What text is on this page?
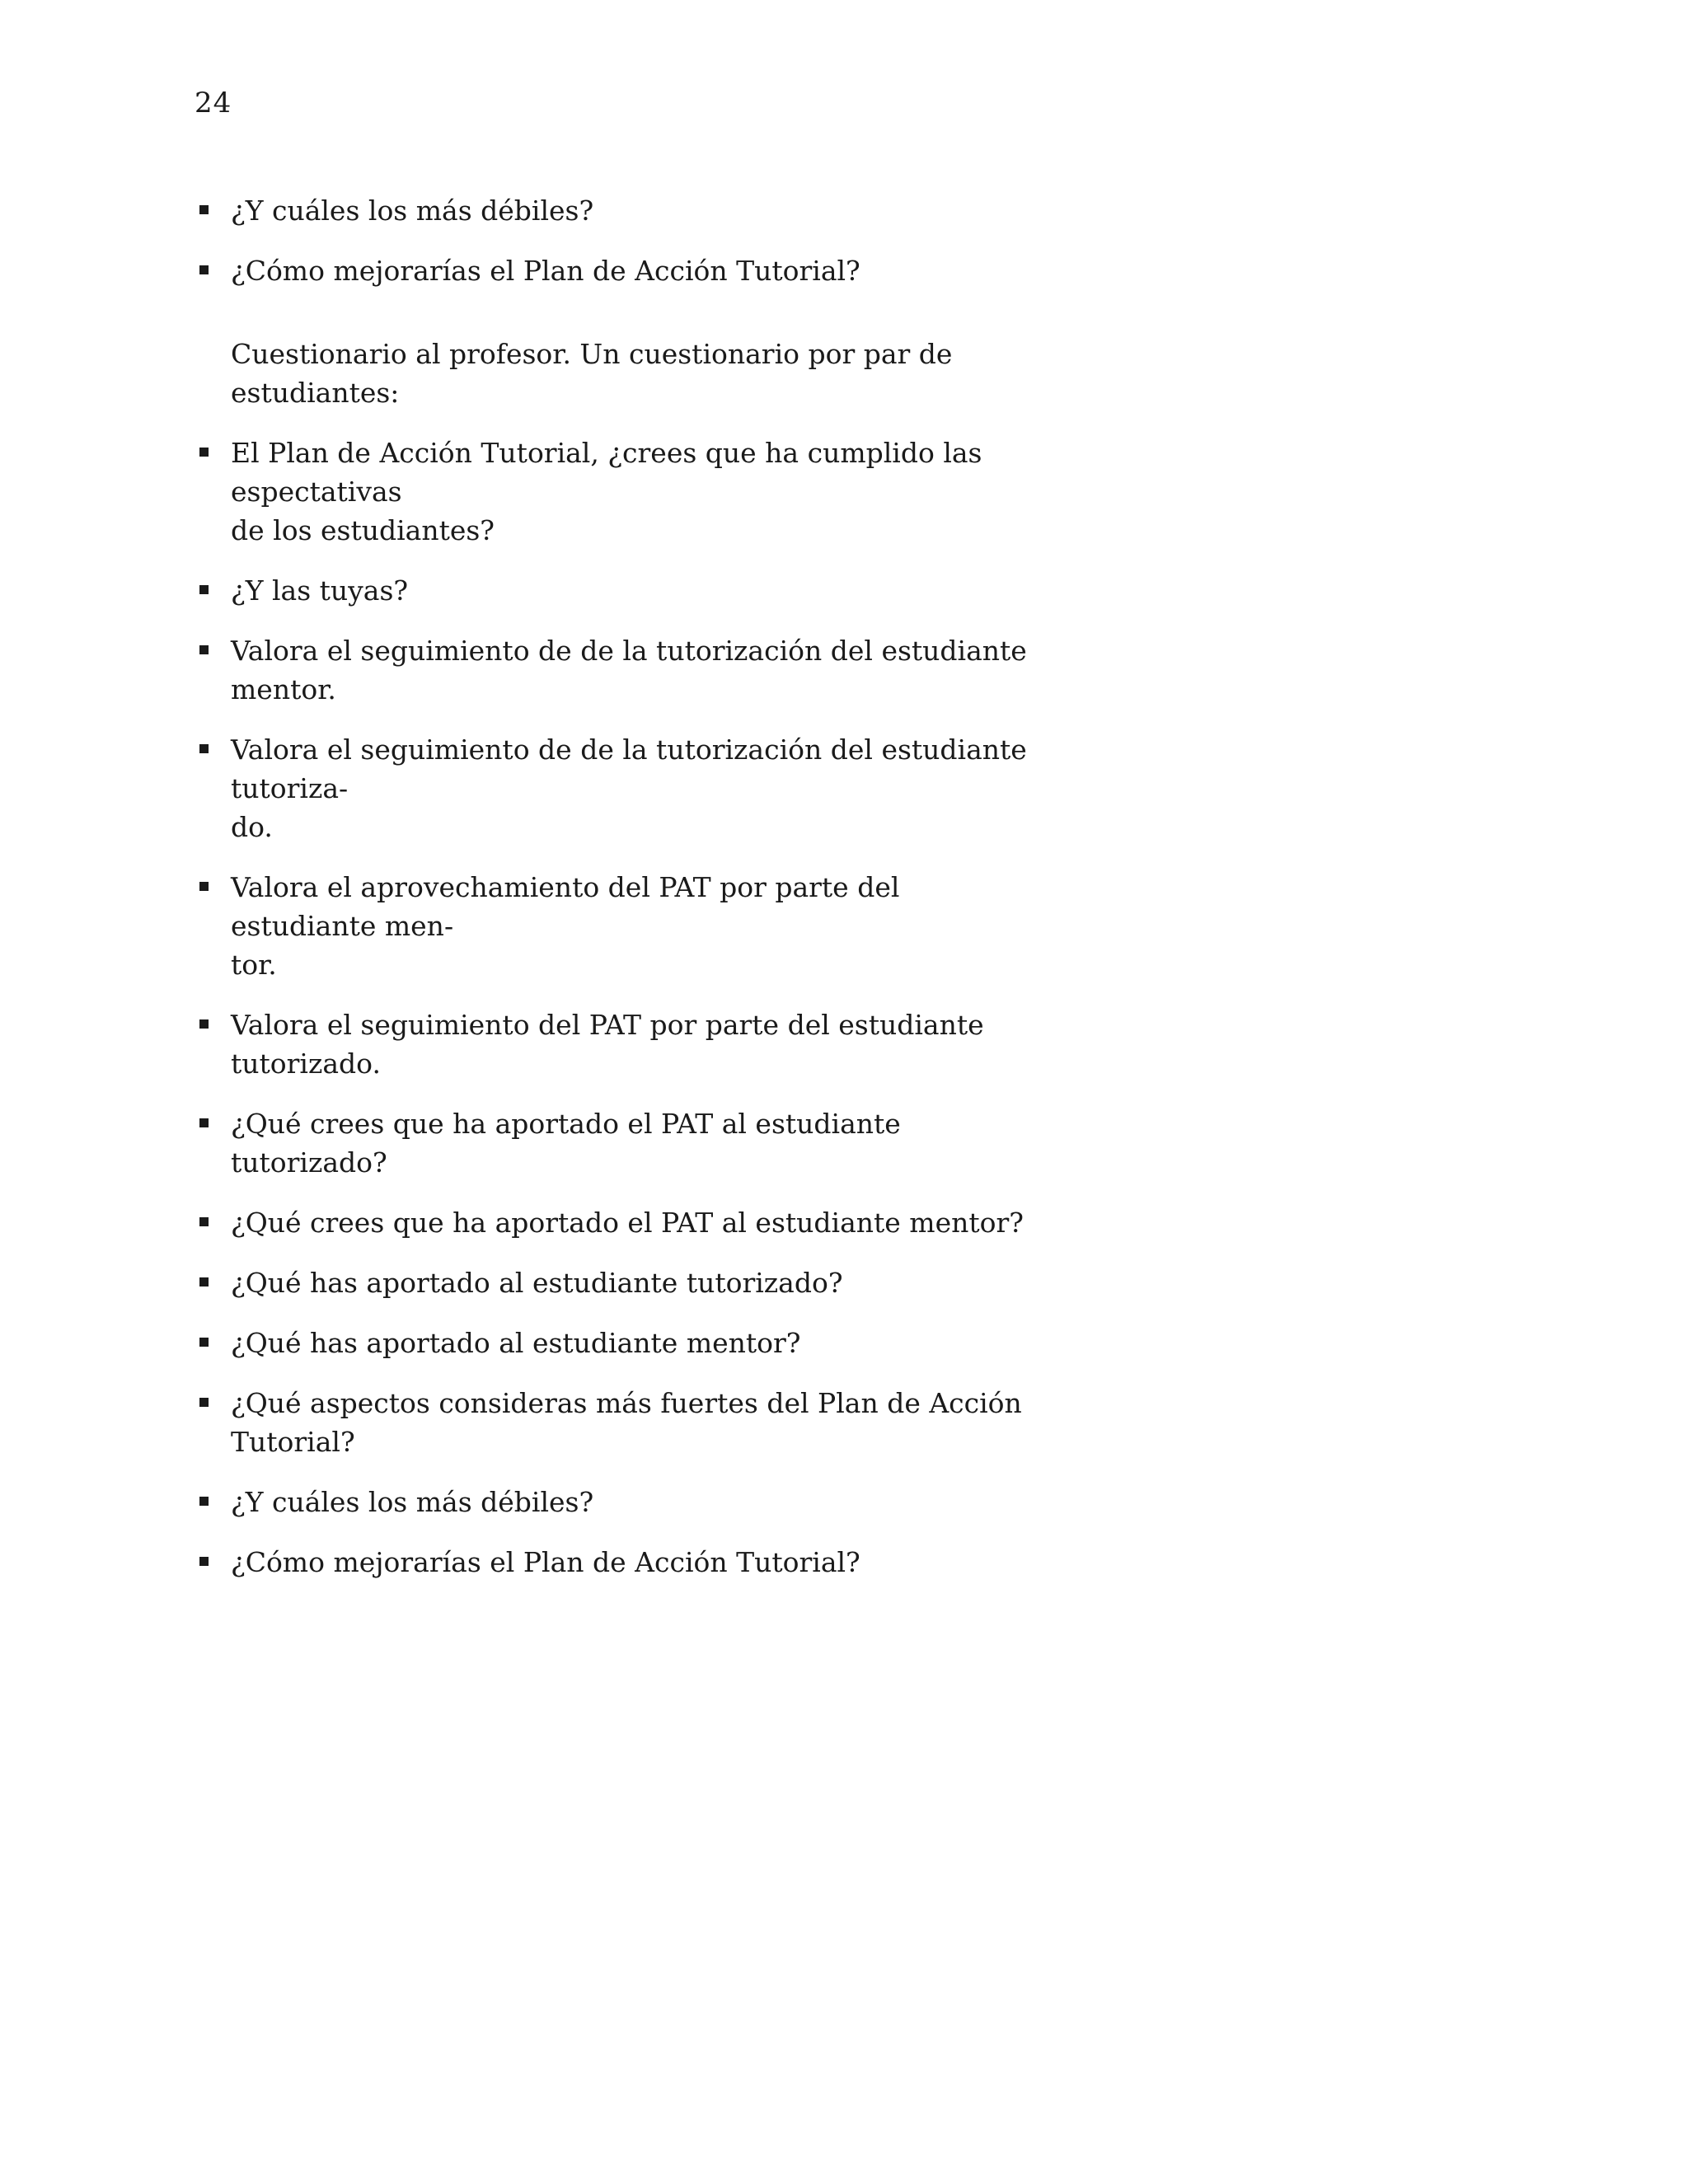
24
¿Y cuáles los más débiles?
¿Cómo mejorarías el Plan de Acción Tutorial?

Cuestionario al profesor. Un cuestionario por par de estudiantes:

El Plan de Acción Tutorial, ¿crees que ha cumplido las espectativas
de los estudiantes?
¿Y las tuyas?
Valora el seguimiento de de la tutorización del estudiante mentor.
Valora el seguimiento de de la tutorización del estudiante tutoriza-
do.
Valora el aprovechamiento del PAT por parte del estudiante men-
tor.
Valora el seguimiento del PAT por parte del estudiante tutorizado.
¿Qué crees que ha aportado el PAT al estudiante tutorizado?
¿Qué crees que ha aportado el PAT al estudiante mentor?
¿Qué has aportado al estudiante tutorizado?
¿Qué has aportado al estudiante mentor?
¿Qué aspectos consideras más fuertes del Plan de Acción Tutorial?
¿Y cuáles los más débiles?
¿Cómo mejorarías el Plan de Acción Tutorial?
